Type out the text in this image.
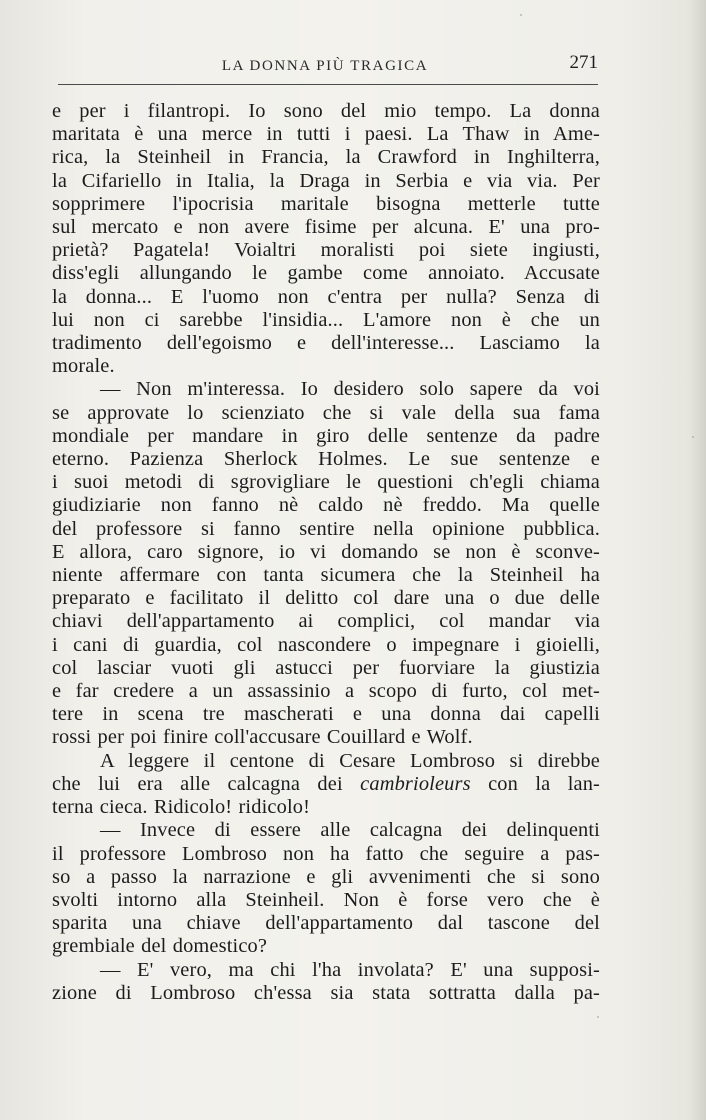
LA DONNA PIÙ TRAGICA	271
e per i filantropi. Io sono del mio tempo. La donna
maritata è una merce in tutti i paesi. La Thaw in Ame-
rica, la Steinheil in Francia, la Crawford in Inghilterra,
la Cifariello in Italia, la Draga in Serbia e via via. Per
sopprimere l'ipocrisia maritale bisogna metterle tutte
sul mercato e non avere fisime per alcuna. E' una pro-
prietà? Pagatela! Voialtri moralisti poi siete ingiusti,
diss'egli allungando le gambe come annoiato. Accusate
la donna... E l'uomo non c'entra per nulla? Senza di
lui non ci sarebbe l'insidia... L'amore non è che un
tradimento dell'egoismo e dell'interesse... Lasciamo la
morale.
— Non m'interessa. Io desidero solo sapere da voi
se approvate lo scienziato che si vale della sua fama
mondiale per mandare in giro delle sentenze da padre
eterno. Pazienza Sherlock Holmes. Le sue sentenze e
i suoi metodi di sgrovigliare le questioni ch'egli chiama
giudiziarie non fanno nè caldo nè freddo. Ma quelle
del professore si fanno sentire nella opinione pubblica.
E allora, caro signore, io vi domando se non è sconve-
niente affermare con tanta sicumera che la Steinheil ha
preparato e facilitato il delitto col dare una o due delle
chiavi dell'appartamento ai complici, col mandar via
i cani di guardia, col nascondere o impegnare i gioielli,
col lasciar vuoti gli astucci per fuorviare la giustizia
e far credere a un assassinio a scopo di furto, col met-
tere in scena tre mascherati e una donna dai capelli
rossi per poi finire coll'accusare Couillard e Wolf.
A leggere il centone di Cesare Lombroso si direbbe
che lui era alle calcagna dei cambrioleurs con la lan-
terna cieca. Ridicolo! ridicolo!
— Invece di essere alle calcagna dei delinquenti
il professore Lombroso non ha fatto che seguire a pas-
so a passo la narrazione e gli avvenimenti che si sono
svolti intorno alla Steinheil. Non è forse vero che è
sparita una chiave dell'appartamento dal tascone del
grembiale del domestico?
— E' vero, ma chi l'ha involata? E' una supposi-
zione di Lombroso ch'essa sia stata sottratta dalla pa-
